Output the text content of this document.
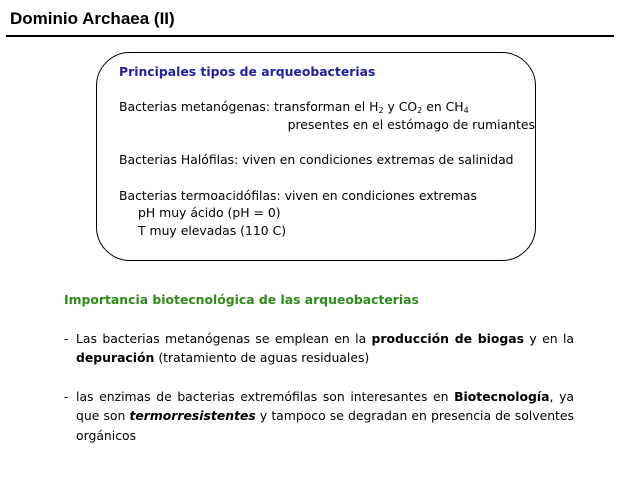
Dominio Archaea (II)
Principales tipos de arqueobacterias
Bacterias metanógenas: transforman el $H_2$ y $CO_2$ en $CH_4$
presentes en el estómago de rumiantes
Bacterias Halófilas: viven en condiciones extremas de salinidad
Bacterias termoacidófilas: viven en condiciones extremas
pH muy ácido (pH = 0)
T muy elevadas (110 C)
Importancia biotecnológica de las arqueobacterias
- Las bacterias metanógenas se emplean en la producción de biogas y en la depuración (tratamiento de aguas residuales)
- las enzimas de bacterias extremófilas son interesantes en Biotecnología, ya que son termorresistentes y tampoco se degradan en presencia de solventes orgánicos
